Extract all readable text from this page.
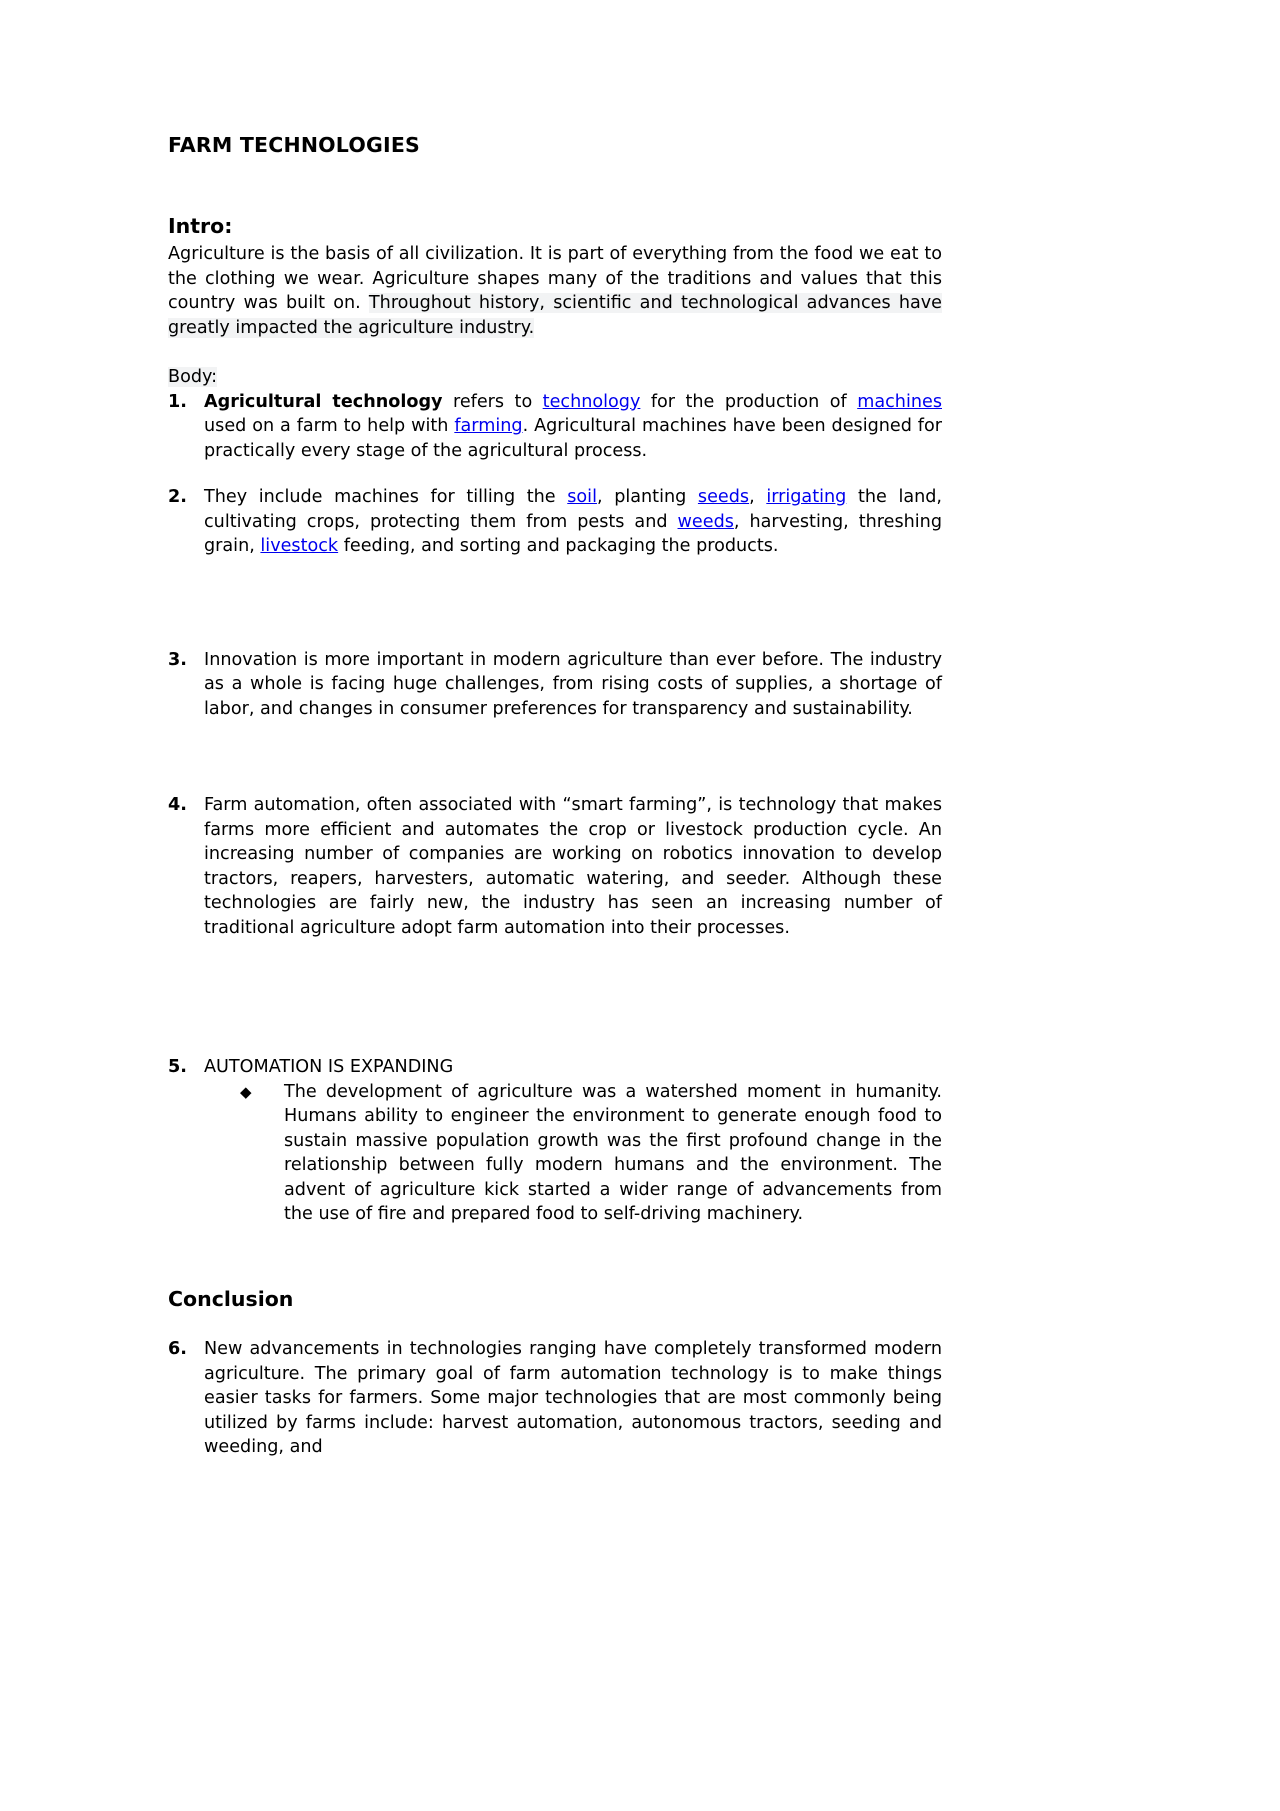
FARM TECHNOLOGIES
Intro:
Agriculture is the basis of all civilization. It is part of everything from the food we eat to the clothing we wear. Agriculture shapes many of the traditions and values that this country was built on. Throughout history, scientific and technological advances have greatly impacted the agriculture industry.
Body:
1. Agricultural technology refers to technology for the production of machines used on a farm to help with farming. Agricultural machines have been designed for practically every stage of the agricultural process.
2. They include machines for tilling the soil, planting seeds, irrigating the land, cultivating crops, protecting them from pests and weeds, harvesting, threshing grain, livestock feeding, and sorting and packaging the products.
3. Innovation is more important in modern agriculture than ever before. The industry as a whole is facing huge challenges, from rising costs of supplies, a shortage of labor, and changes in consumer preferences for transparency and sustainability.
4. Farm automation, often associated with “smart farming”, is technology that makes farms more efficient and automates the crop or livestock production cycle. An increasing number of companies are working on robotics innovation to develop tractors, reapers, harvesters, automatic watering, and seeder. Although these technologies are fairly new, the industry has seen an increasing number of traditional agriculture adopt farm automation into their processes.
5. AUTOMATION IS EXPANDING
◆ The development of agriculture was a watershed moment in humanity. Humans ability to engineer the environment to generate enough food to sustain massive population growth was the first profound change in the relationship between fully modern humans and the environment. The advent of agriculture kick started a wider range of advancements from the use of fire and prepared food to self-driving machinery.
Conclusion
6. New advancements in technologies ranging have completely transformed modern agriculture. The primary goal of farm automation technology is to make things easier tasks for farmers. Some major technologies that are most commonly being utilized by farms include: harvest automation, autonomous tractors, seeding and weeding, and
